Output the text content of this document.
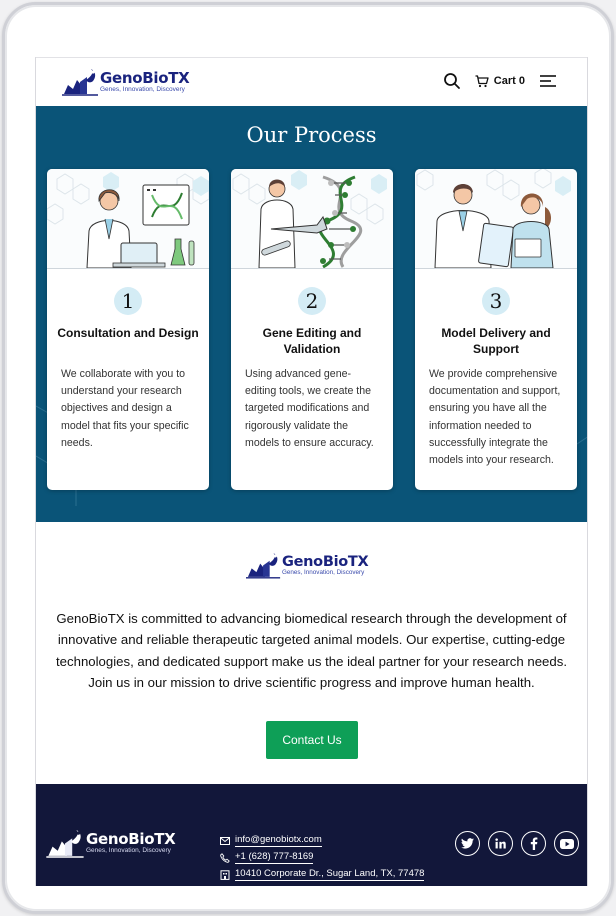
GenoBioTX
Genes, Innovation, Discovery
Cart
0
Our Process
1
Consultation and Design
We collaborate with you to understand your research objectives and design a model that fits your specific needs.
2
Gene Editing and Validation
Using advanced gene-editing tools, we create the targeted modifications and rigorously validate the models to ensure accuracy.
3
Model Delivery and Support
We provide comprehensive documentation and support, ensuring you have all the information needed to successfully integrate the models into your research.
GenoBioTX
Genes, Innovation, Discovery

GenoBioTX is committed to advancing biomedical research through the development of innovative and reliable therapeutic targeted animal models. Our expertise, cutting-edge technologies, and dedicated support make us the ideal partner for your research needs. Join us in our mission to drive scientific progress and improve human health.

Contact Us
GenoBioTX
Genes, Innovation, Discovery
info@genobiotx.com
+1 (628) 777-8169
10410 Corporate Dr., Sugar Land, TX, 77478
